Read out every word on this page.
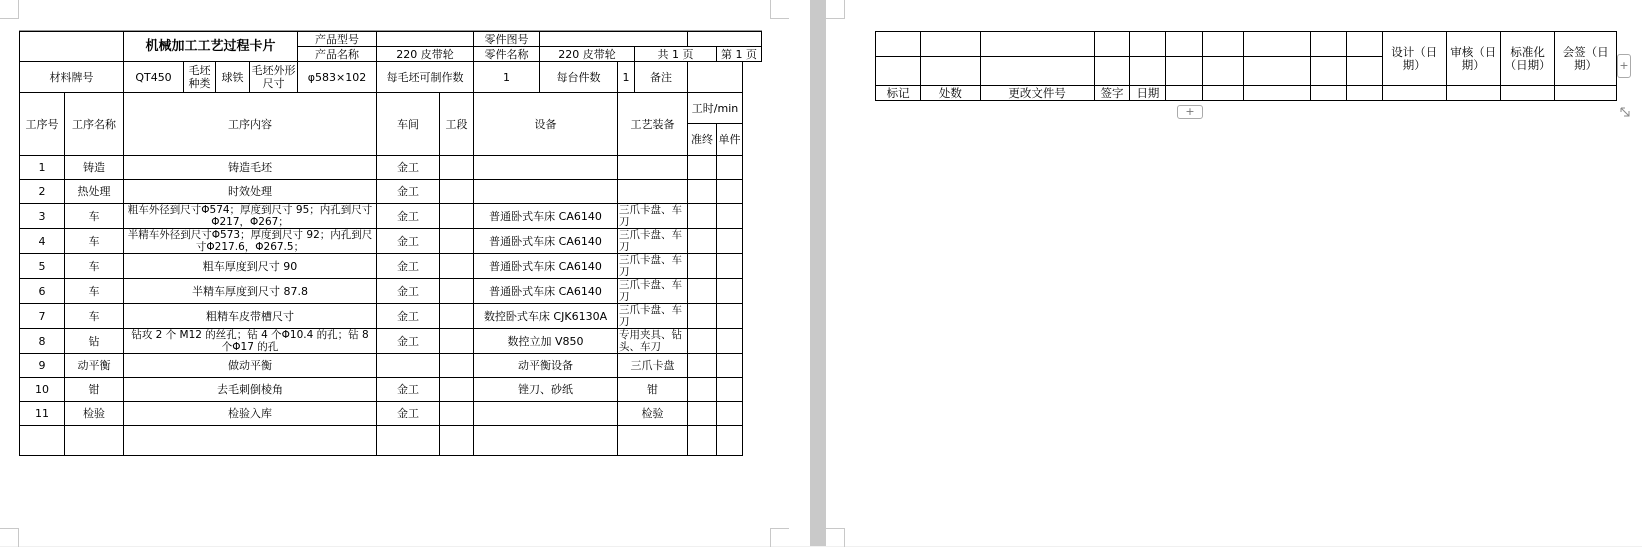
		机械加工工艺过程卡片				产品型号			零件图号					
						产品名称	220 皮带轮		零件名称	220 皮带轮		共 1 页		第 1 页
材料牌号		QT450	毛坯种类	球铁	毛坯外形尺寸	φ583×102	每毛坯可制作数		1	每台件数	1	备注		
工序号	工序名称	工序内容					车间	工段	设备		工艺装备		工时/min	
													准终	单件
1	铸造	铸造毛坯					金工							
2	热处理	时效处理					金工							
3	车	粗车外径到尺寸Φ574；厚度到尺寸 95；内孔到尺寸Φ217，Φ267；					金工		普通卧式车床 CA6140		三爪卡盘、车刀			
4	车	半精车外径到尺寸Φ573；厚度到尺寸 92；内孔到尺寸Φ217.6，Φ267.5；					金工		普通卧式车床 CA6140		三爪卡盘、车刀			
5	车	粗车厚度到尺寸 90					金工		普通卧式车床 CA6140		三爪卡盘、车刀			
6	车	半精车厚度到尺寸 87.8					金工		普通卧式车床 CA6140		三爪卡盘、车刀			
7	车	粗精车皮带槽尺寸					金工		数控卧式车床 CJK6130A		三爪卡盘、车刀			
8	钻	钻攻 2 个 M12 的丝孔；钻 4 个Φ10.4 的孔；钻 8 个Φ17 的孔					金工		数控立加 V850		专用夹具、钻头、车刀			
9	动平衡	做动平衡							动平衡设备		三爪卡盘			
10	钳	去毛刺倒棱角					金工		锉刀、砂纸		钳			
11	检验	检验入库					金工				检验			

										设计（日期）	审核（日期）	标准化（日期）	会签（日期）

标记	处数	更改文件号	签字	日期									
+
+
